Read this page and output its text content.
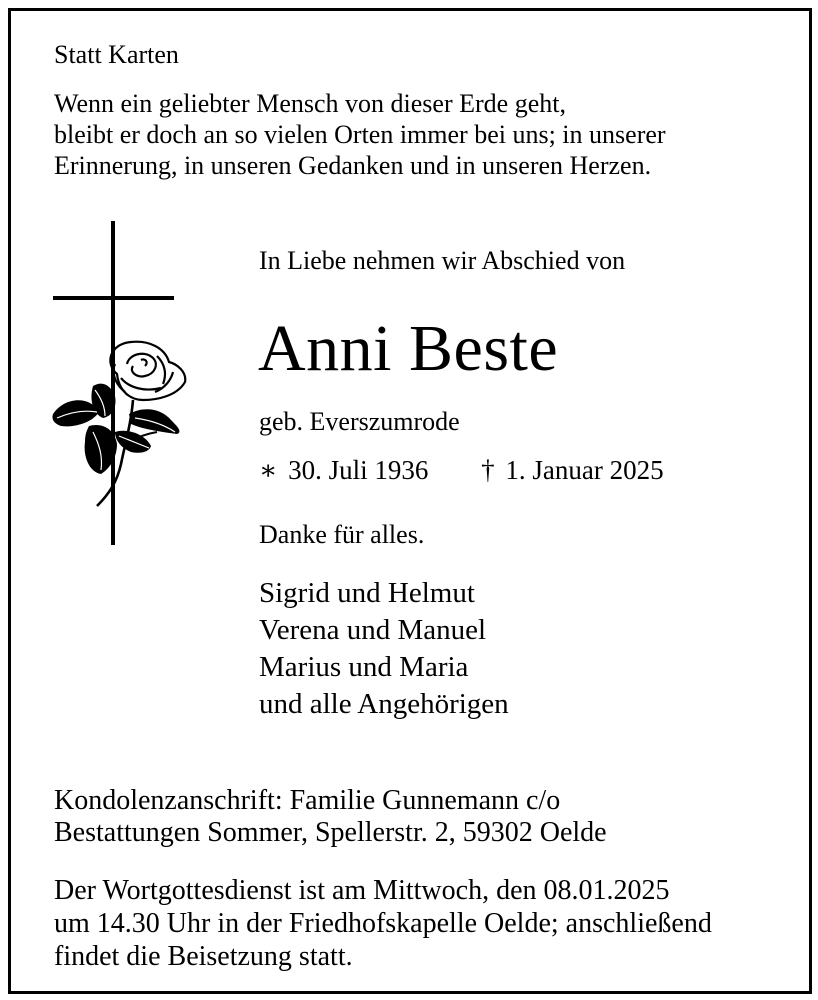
Statt Karten
Wenn ein geliebter Mensch von dieser Erde geht,
bleibt er doch an so vielen Orten immer bei uns; in unserer
Erinnerung, in unseren Gedanken und in unseren Herzen.
In Liebe nehmen wir Abschied von
Anni Beste
geb. Everszumrode
∗ 30. Juli 1936 † 1. Januar 2025
Danke für alles.
Sigrid und Helmut
Verena und Manuel
Marius und Maria
und alle Angehörigen
Kondolenzanschrift: Familie Gunnemann c/o
Bestattungen Sommer, Spellerstr. 2, 59302 Oelde
Der Wortgottesdienst ist am Mittwoch, den 08.01.2025
um 14.30 Uhr in der Friedhofskapelle Oelde; anschließend
findet die Beisetzung statt.
